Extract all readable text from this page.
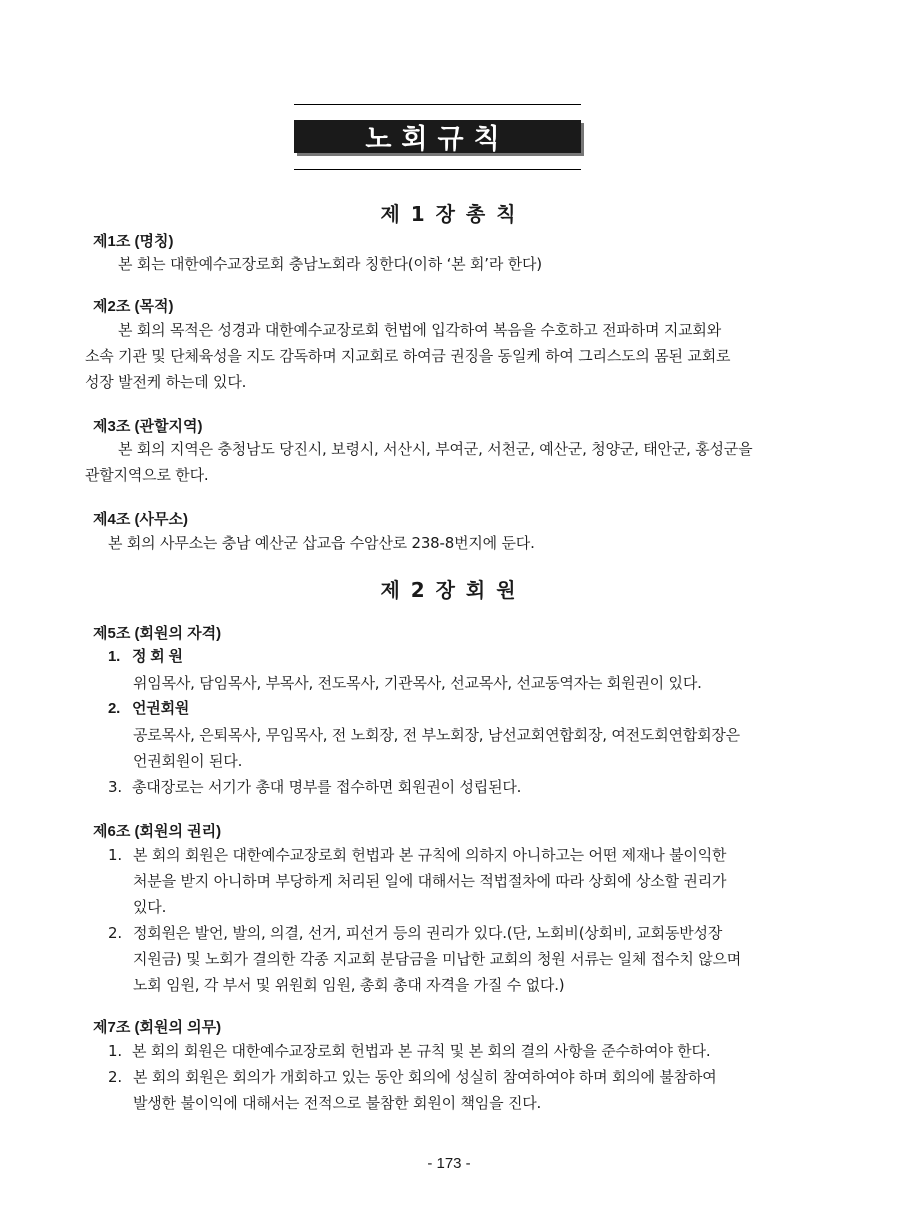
노회규칙
제 1 장 총 칙
제1조 (명칭)
본 회는 대한예수교장로회 충남노회라 칭한다(이하 ‘본 회’라 한다)
제2조 (목적)
본 회의 목적은 성경과 대한예수교장로회 헌법에 입각하여 복음을 수호하고 전파하며 지교회와
소속 기관 및 단체육성을 지도 감독하며 지교회로 하여금 권징을 동일케 하여 그리스도의 몸된 교회로
성장 발전케 하는데 있다.
제3조 (관할지역)
본 회의 지역은 충청남도 당진시, 보령시, 서산시, 부여군, 서천군, 예산군, 청양군, 태안군, 홍성군을
관할지역으로 한다.
제4조 (사무소)
본 회의 사무소는 충남 예산군 삽교읍 수암산로 238-8번지에 둔다.
제 2 장 회 원
제5조 (회원의 자격)
1. 정 회 원
위임목사, 담임목사, 부목사, 전도목사, 기관목사, 선교목사, 선교동역자는 회원권이 있다.
2. 언권회원
공로목사, 은퇴목사, 무임목사, 전 노회장, 전 부노회장, 남선교회연합회장, 여전도회연합회장은
언권회원이 된다.
3. 총대장로는 서기가 총대 명부를 접수하면 회원권이 성립된다.
제6조 (회원의 권리)
1. 본 회의 회원은 대한예수교장로회 헌법과 본 규칙에 의하지 아니하고는 어떤 제재나 불이익한
처분을 받지 아니하며 부당하게 처리된 일에 대해서는 적법절차에 따라 상회에 상소할 권리가
있다.
2. 정회원은 발언, 발의, 의결, 선거, 피선거 등의 권리가 있다.(단, 노회비(상회비, 교회동반성장
지원금) 및 노회가 결의한 각종 지교회 분담금을 미납한 교회의 청원 서류는 일체 접수치 않으며
노회 임원, 각 부서 및 위원회 임원, 총회 총대 자격을 가질 수 없다.)
제7조 (회원의 의무)
1. 본 회의 회원은 대한예수교장로회 헌법과 본 규칙 및 본 회의 결의 사항을 준수하여야 한다.
2. 본 회의 회원은 회의가 개회하고 있는 동안 회의에 성실히 참여하여야 하며 회의에 불참하여
발생한 불이익에 대해서는 전적으로 불참한 회원이 책임을 진다.
- 173 -
